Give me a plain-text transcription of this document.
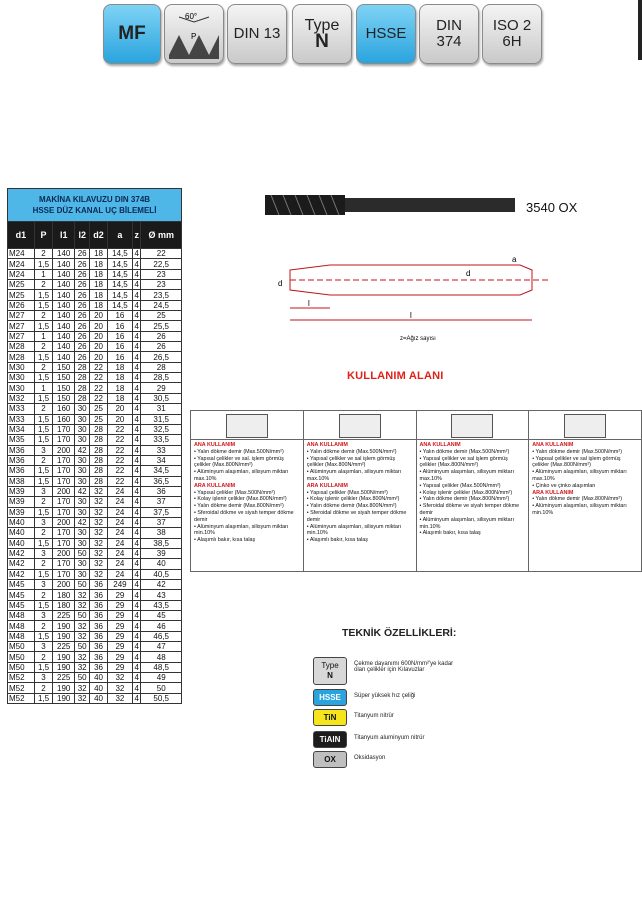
MF
60°
P DIN 13 Type
N HSSE DIN
374
ISO 2
6H
MAKİNA KILAVUZU DIN 374B
HSSE DÜZ KANAL UÇ BİLEMELİ							
d1	P	l1	l2	d2	a	z	Ø mm
M24	2	140	26	18	14,5	4	22
M24	1,5	140	26	18	14,5	4	22,5
M24	1	140	26	18	14,5	4	23
M25	2	140	26	18	14,5	4	23
M25	1,5	140	26	18	14,5	4	23,5
M26	1,5	140	26	18	14,5	4	24,5
M27	2	140	26	20	16	4	25
M27	1,5	140	26	20	16	4	25,5
M27	1	140	26	20	16	4	26
M28	2	140	26	20	16	4	26
M28	1,5	140	26	20	16	4	26,5
M30	2	150	28	22	18	4	28
M30	1,5	150	28	22	18	4	28,5
M30	1	150	28	22	18	4	29
M32	1,5	150	28	22	18	4	30,5
M33	2	160	30	25	20	4	31
M33	1,5	160	30	25	20	4	31,5
M34	1,5	170	30	28	22	4	32,5
M35	1,5	170	30	28	22	4	33,5
M36	3	200	42	28	22	4	33
M36	2	170	30	28	22	4	34
M36	1,5	170	30	28	22	4	34,5
M38	1,5	170	30	28	22	4	36,5
M39	3	200	42	32	24	4	36
M39	2	170	30	32	24	4	37
M39	1,5	170	30	32	24	4	37,5
M40	3	200	42	32	24	4	37
M40	2	170	30	32	24	4	38
M40	1,5	170	30	32	24	4	38,5
M42	3	200	50	32	24	4	39
M42	2	170	30	32	24	4	40
M42	1,5	170	30	32	24	4	40,5
M45	3	200	50	36	249	4	42
M45	2	180	32	36	29	4	43
M45	1,5	180	32	36	29	4	43,5
M48	3	225	50	36	29	4	45
M48	2	190	32	36	29	4	46
M48	1,5	190	32	36	29	4	46,5
M50	3	225	50	36	29	4	47
M50	2	190	32	36	29	4	48
M50	1,5	190	32	36	29	4	48,5
M52	3	225	50	40	32	4	49
M52	2	190	32	40	32	4	50
M52	1,5	190	32	40	32	4	50,5
3540 OX
z=Ağız sayısı
d
d
l
l
a
KULLANIM ALANI
ANA KULLANIM
• Yalın dökme demir (Max.500N/mm²)
• Yapısal çelikler ve sal. işlem görmüş çelikler (Max.800N/mm²)
• Alüminyum alaşımları, silisyum miktarı max.10%
ARA KULLANIM
• Yapısal çelikler (Max.500N/mm²)
• Kolay işlenir çelikler (Max.800N/mm²)
• Yalın dökme demir (Max.800N/mm²)
• Sferoidal dökme ve siyah temper dökme demir
• Alüminyum alaşımları, silisyum miktarı min.10%
• Alaşımlı bakır, kısa talaş
ANA KULLANIM
• Yalın dökme demir (Max.500N/mm²)
• Yapısal çelikler ve sal işlem görmüş çelikler (Max.800N/mm²)
• Alüminyum alaşımları, silisyum miktarı max.10%
ARA KULLANIM
• Yapısal çelikler (Max.500N/mm²)
• Kolay işlenir çelikler (Max.800N/mm²)
• Yalın dökme demir (Max.800N/mm²)
• Sferoidal dökme ve siyah temper dökme demir
• Alüminyum alaşımları, silisyum miktarı min.10%
• Alaşımlı bakır, kısa talaş
ANA KULLANIM
• Yalın dökme demir (Max.500N/mm²)
• Yapısal çelikler ve sal işlem görmüş çelikler (Max.800N/mm²)
• Alüminyum alaşımları, silisyum miktarı max.10%
• Yapısal çelikler (Max.500N/mm²)
• Kolay işlenir çelikler (Max.800N/mm²)
• Yalın dökme demir (Max.800N/mm²)
• Sferoidal dökme ve siyah temper dökme demir
• Alüminyum alaşımları, silisyum miktarı min.10%
• Alaşımlı bakır, kısa talaş
ANA KULLANIM
• Yalın dökme demir (Max.500N/mm²)
• Yapısal çelikler ve sal işlem görmüş çelikler (Max.800N/mm²)
• Alüminyum alaşımları, silisyum miktarı max.10%
• Çinko ve çinko alaşımları
ARA KULLANIM
• Yalın dökme demir (Max.800N/mm²)
• Alüminyum alaşımları, silisyum miktarı min.10%
TEKNİK ÖZELLİKLERİ:
Type
N
Çekme dayanımı 600N/mm²'ye kadar olan çelikler için Kılavuzlar
HSSE Süper yüksek hız çeliği
TiN	Titanyum nitrür
TiAlN Titanyum aluminyum nitrür
OX	Oksidasyon
